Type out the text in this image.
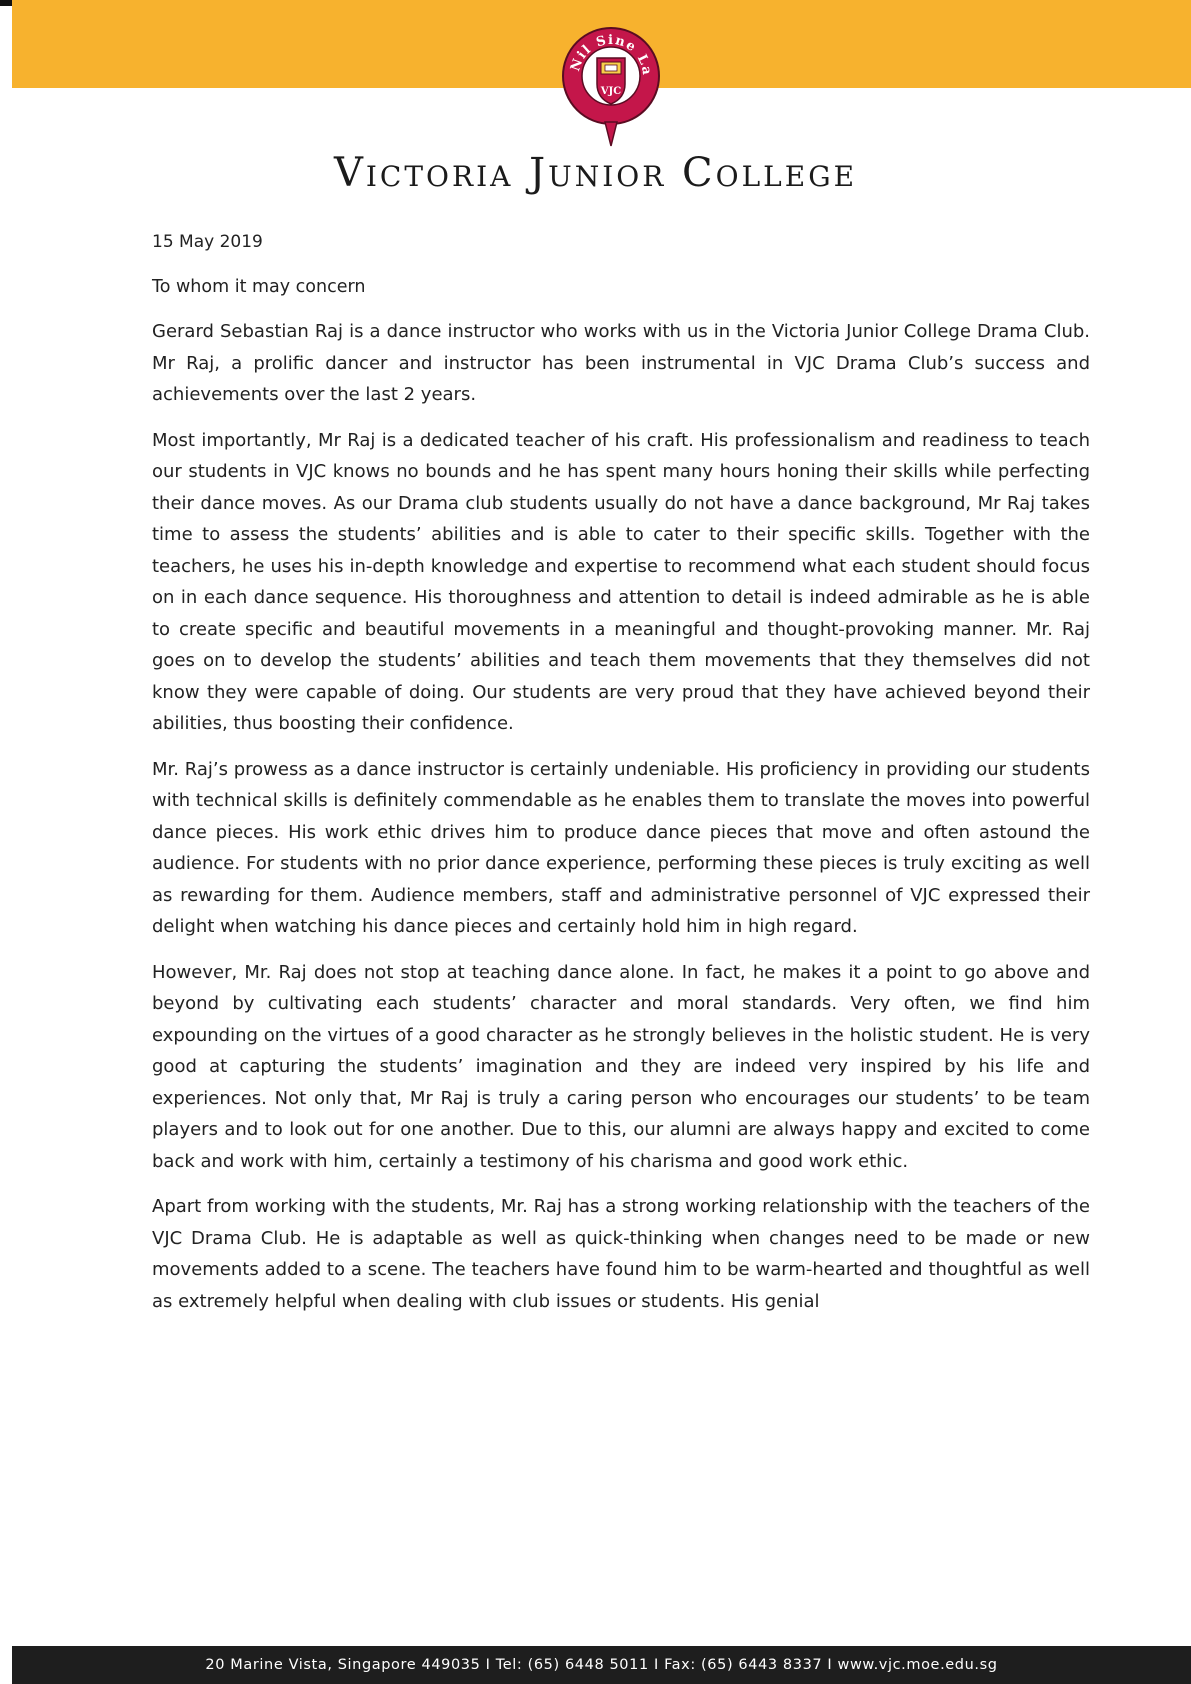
Nil Sine La
VJC
Victoria Junior College

15 May 2019

To whom it may concern

Gerard Sebastian Raj is a dance instructor who works with us in the Victoria Junior College Drama Club. Mr Raj, a prolific dancer and instructor has been instrumental in VJC Drama Club’s success and achievements over the last 2 years.

Most importantly, Mr Raj is a dedicated teacher of his craft. His professionalism and readiness to teach our students in VJC knows no bounds and he has spent many hours honing their skills while perfecting their dance moves. As our Drama club students usually do not have a dance background, Mr Raj takes time to assess the students’ abilities and is able to cater to their specific skills. Together with the teachers, he uses his in-depth knowledge and expertise to recommend what each student should focus on in each dance sequence. His thoroughness and attention to detail is indeed admirable as he is able to create specific and beautiful movements in a meaningful and thought-provoking manner. Mr. Raj goes on to develop the students’ abilities and teach them movements that they themselves did not know they were capable of doing. Our students are very proud that they have achieved beyond their abilities, thus boosting their confidence.

Mr. Raj’s prowess as a dance instructor is certainly undeniable. His proficiency in providing our students with technical skills is definitely commendable as he enables them to translate the moves into powerful dance pieces. His work ethic drives him to produce dance pieces that move and often astound the audience. For students with no prior dance experience, performing these pieces is truly exciting as well as rewarding for them. Audience members, staff and administrative personnel of VJC expressed their delight when watching his dance pieces and certainly hold him in high regard.

However, Mr. Raj does not stop at teaching dance alone. In fact, he makes it a point to go above and beyond by cultivating each students’ character and moral standards. Very often, we find him expounding on the virtues of a good character as he strongly believes in the holistic student. He is very good at capturing the students’ imagination and they are indeed very inspired by his life and experiences. Not only that, Mr Raj is truly a caring person who encourages our students’ to be team players and to look out for one another. Due to this, our alumni are always happy and excited to come back and work with him, certainly a testimony of his charisma and good work ethic.

Apart from working with the students, Mr. Raj has a strong working relationship with the teachers of the VJC Drama Club. He is adaptable as well as quick-thinking when changes need to be made or new movements added to a scene. The teachers have found him to be warm-hearted and thoughtful as well as extremely helpful when dealing with club issues or students. His genial

20 Marine Vista, Singapore 449035 I Tel: (65) 6448 5011 I Fax: (65) 6443 8337 I www.vjc.moe.edu.sg
